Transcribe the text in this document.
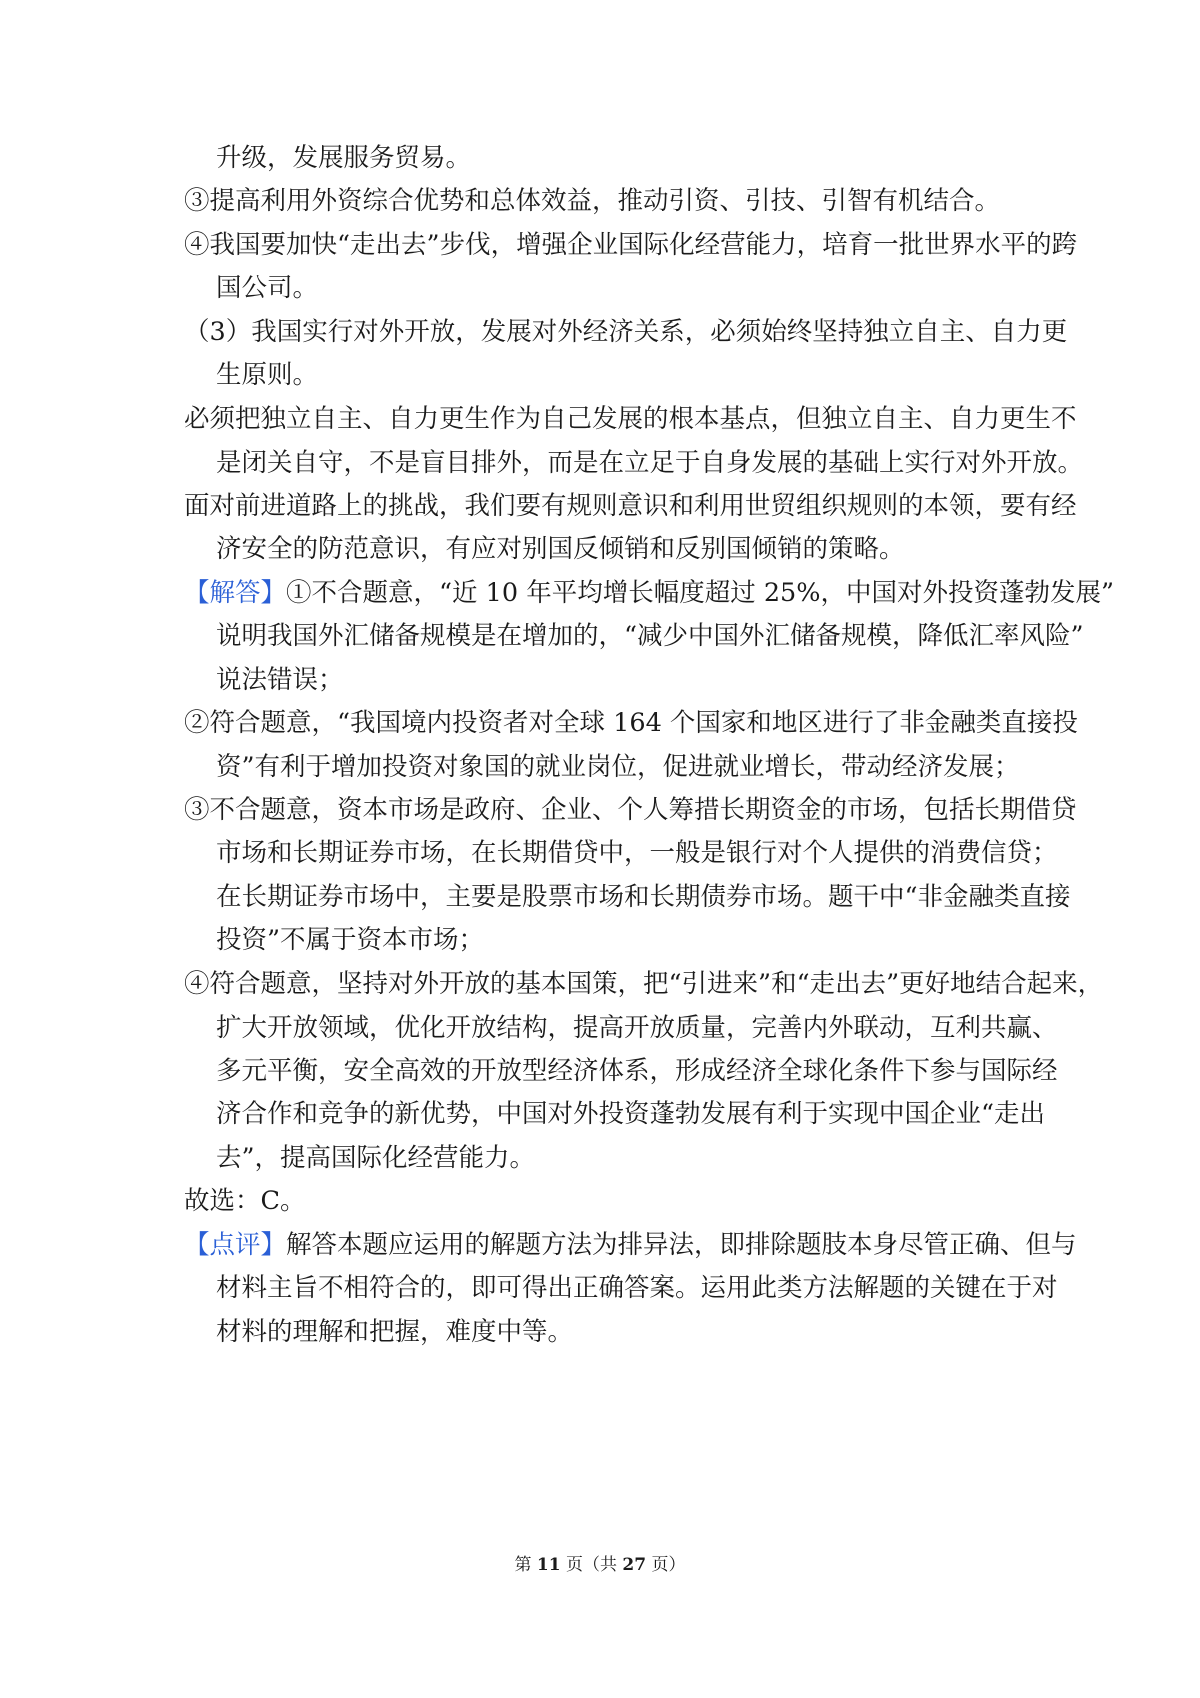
升级，发展服务贸易。
③提高利用外资综合优势和总体效益，推动引资、引技、引智有机结合。
④我国要加快“走出去”步伐，增强企业国际化经营能力，培育一批世界水平的跨
国公司。
（3）我国实行对外开放，发展对外经济关系，必须始终坚持独立自主、自力更
生原则。
必须把独立自主、自力更生作为自己发展的根本基点，但独立自主、自力更生不
是闭关自守，不是盲目排外，而是在立足于自身发展的基础上实行对外开放。
面对前进道路上的挑战，我们要有规则意识和利用世贸组织规则的本领，要有经
济安全的防范意识，有应对别国反倾销和反别国倾销的策略。
【解答】①不合题意，“近 10 年平均增长幅度超过 25%，中国对外投资蓬勃发展”
说明我国外汇储备规模是在增加的，“减少中国外汇储备规模，降低汇率风险”
说法错误；
②符合题意，“我国境内投资者对全球 164 个国家和地区进行了非金融类直接投
资”有利于增加投资对象国的就业岗位，促进就业增长，带动经济发展；
③不合题意，资本市场是政府、企业、个人筹措长期资金的市场，包括长期借贷
市场和长期证券市场，在长期借贷中，一般是银行对个人提供的消费信贷；
在长期证券市场中，主要是股票市场和长期债券市场。题干中“非金融类直接
投资”不属于资本市场；
④符合题意，坚持对外开放的基本国策，把“引进来”和“走出去”更好地结合起来，
扩大开放领域，优化开放结构，提高开放质量，完善内外联动，互利共赢、
多元平衡，安全高效的开放型经济体系，形成经济全球化条件下参与国际经
济合作和竞争的新优势，中国对外投资蓬勃发展有利于实现中国企业“走出
去”，提高国际化经营能力。
故选：C。
【点评】解答本题应运用的解题方法为排异法，即排除题肢本身尽管正确、但与
材料主旨不相符合的，即可得出正确答案。运用此类方法解题的关键在于对
材料的理解和把握，难度中等。
第 11 页（共 27 页）
